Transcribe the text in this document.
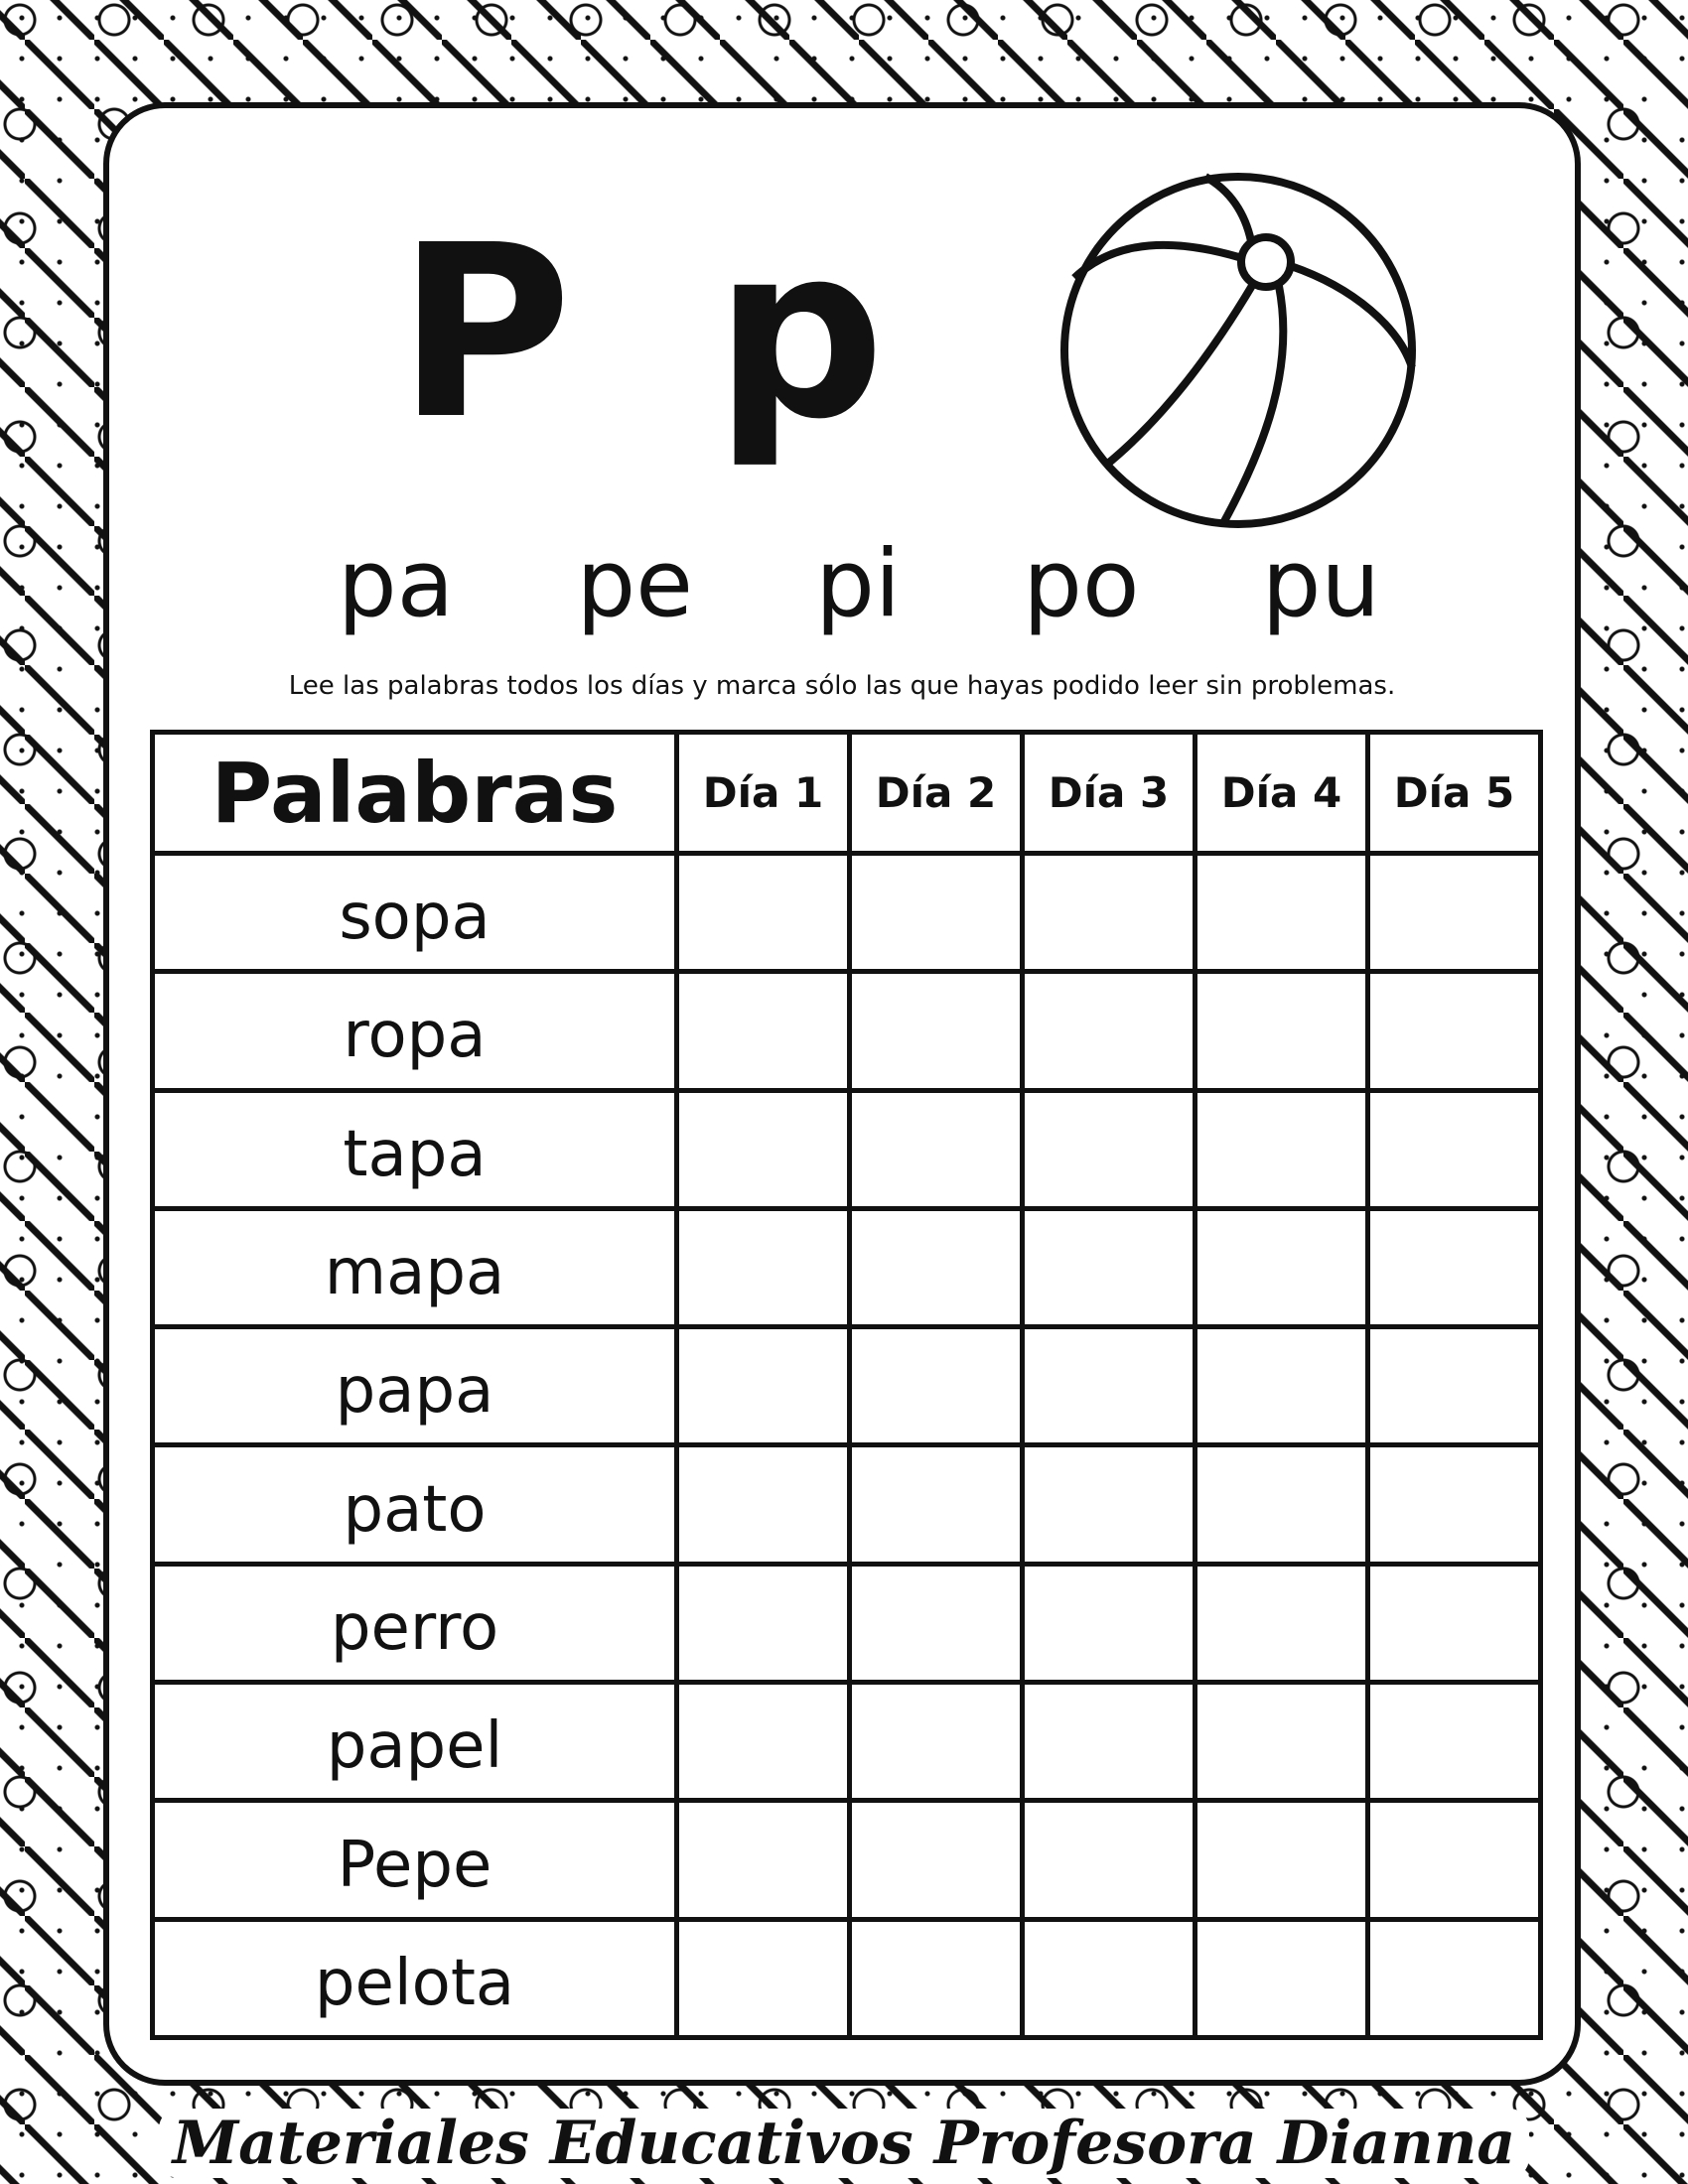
P p
pa pe pi po pu
Lee las palabras todos los días y marca sólo las que hayas podido leer sin problemas.
Palabras	Día 1	Día 2	Día 3	Día 4	Día 5
sopa					
ropa					
tapa					
mapa					
papa					
pato					
perro					
papel					
Pepe					
pelota					
Materiales Educativos Profesora Dianna
